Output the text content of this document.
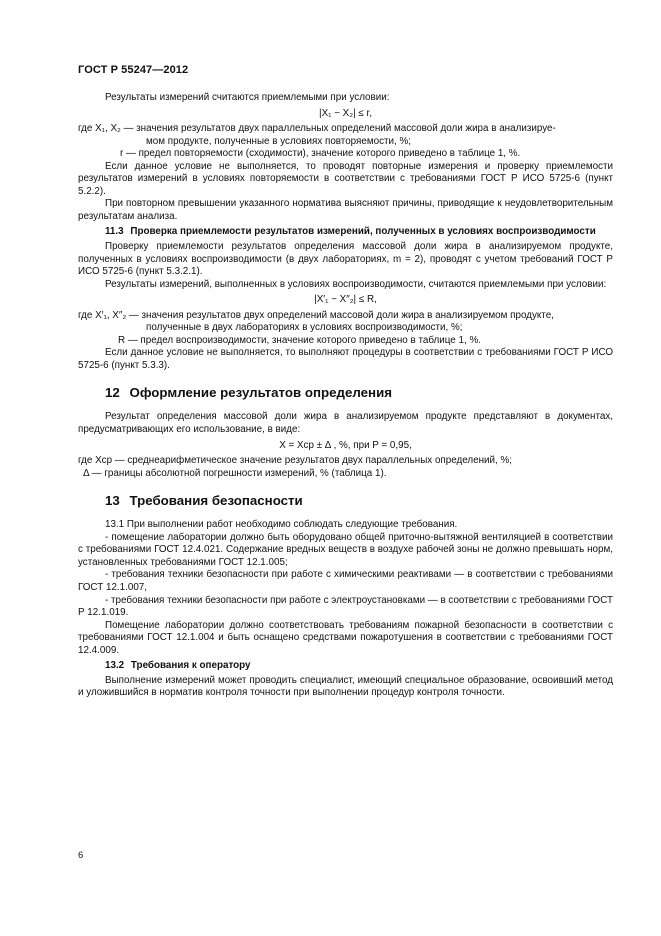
ГОСТ Р 55247—2012

Результаты измерений считаются приемлемыми при условии:

|X₁ − X₂| ≤ r,

где X₁, X₂ — значения результатов двух параллельных определений массовой доли жира в анализируе-

мом продукте, полученные в условиях повторяемости, %;

r — предел повторяемости (сходимости), значение которого приведено в таблице 1, %.

Если данное условие не выполняется, то проводят повторные измерения и проверку приемлемости результатов измерений в условиях повторяемости в соответствии с требованиями ГОСТ Р ИСО 5725-6 (пункт 5.2.2).

При повторном превышении указанного норматива выясняют причины, приводящие к неудовлетворительным результатам анализа.

11.3 Проверка приемлемости результатов измерений, полученных в условиях воспроизводимости

Проверку приемлемости результатов определения массовой доли жира в анализируемом продукте, полученных в условиях воспроизводимости (в двух лабораториях, m = 2), проводят с учетом требований ГОСТ Р ИСО 5725-6 (пункт 5.3.2.1).

Результаты измерений, выполненных в условиях воспроизводимости, считаются приемлемыми при условии:

|X′₁ − X″₂| ≤ R,

где X′₁, X″₂ — значения результатов двух определений массовой доли жира в анализируемом продукте,

полученные в двух лабораториях в условиях воспроизводимости, %;

R — предел воспроизводимости, значение которого приведено в таблице 1, %.

Если данное условие не выполняется, то выполняют процедуры в соответствии с требованиями ГОСТ Р ИСО 5725-6 (пункт 5.3.3).

12 Оформление результатов определения

Результат определения массовой доли жира в анализируемом продукте представляют в документах, предусматривающих его использование, в виде:

X = Xср ± Δ , %, при P = 0,95,

где Xср — среднеарифметическое значение результатов двух параллельных определений, %;

Δ — границы абсолютной погрешности измерений, % (таблица 1).

13 Требования безопасности

13.1 При выполнении работ необходимо соблюдать следующие требования.

- помещение лаборатории должно быть оборудовано общей приточно-вытяжной вентиляцией в соответствии с требованиями ГОСТ 12.4.021. Содержание вредных веществ в воздухе рабочей зоны не должно превышать норм, установленных требованиями ГОСТ 12.1.005;

- требования техники безопасности при работе с химическими реактивами — в соответствии с требованиями ГОСТ 12.1.007,

- требования техники безопасности при работе с электроустановками — в соответствии с требованиями ГОСТ Р 12.1.019.

Помещение лаборатории должно соответствовать требованиям пожарной безопасности в соответствии с требованиями ГОСТ 12.1.004 и быть оснащено средствами пожаротушения в соответствии с требованиями ГОСТ 12.4.009.

13.2 Требования к оператору

Выполнение измерений может проводить специалист, имеющий специальное образование, освоивший метод и уложившийся в норматив контроля точности при выполнении процедур контроля точности.

6
